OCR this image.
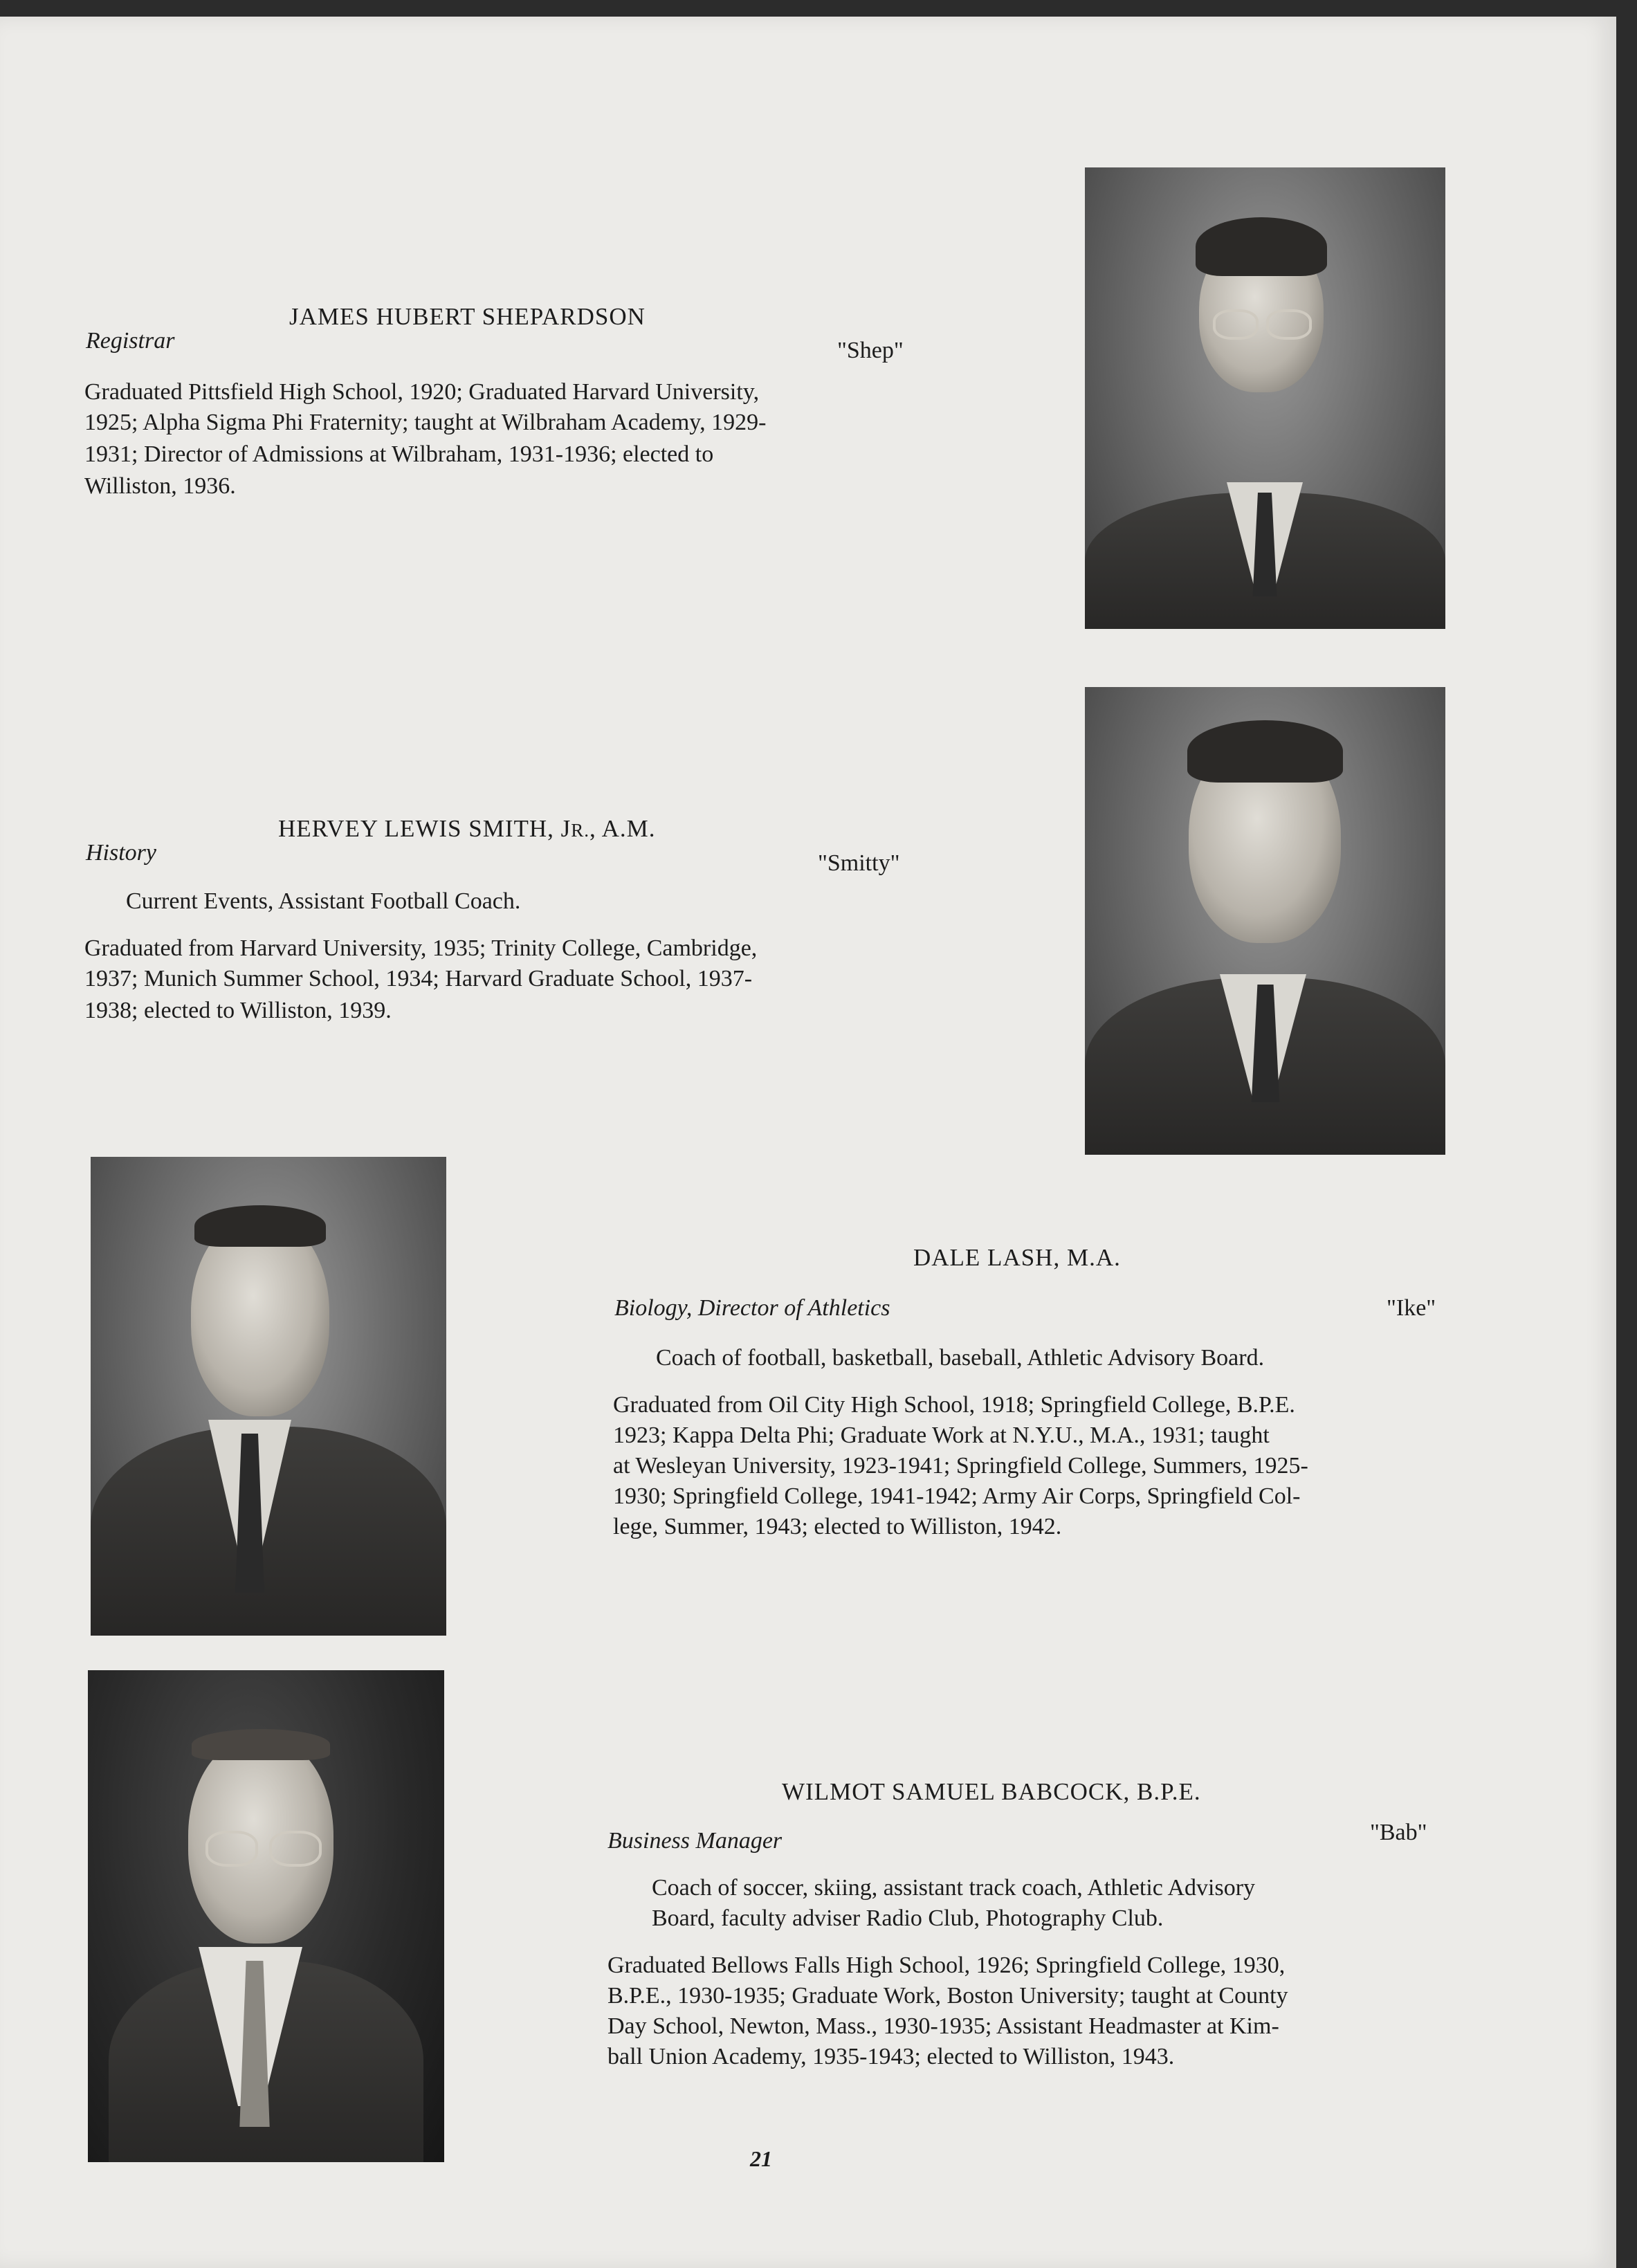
JAMES HUBERT SHEPARDSON
Registrar	"Shep"
Graduated Pittsfield High School, 1920; Graduated Harvard University,
1925; Alpha Sigma Phi Fraternity; taught at Wilbraham Academy, 1929-
1931; Director of Admissions at Wilbraham, 1931-1936; elected to
Williston, 1936.
HERVEY LEWIS SMITH, JR., A.M.
History	"Smitty"
Current Events, Assistant Football Coach.
Graduated from Harvard University, 1935; Trinity College, Cambridge,
1937; Munich Summer School, 1934; Harvard Graduate School, 1937-
1938; elected to Williston, 1939.
DALE LASH, M.A.
Biology, Director of Athletics	"Ike"
Coach of football, basketball, baseball, Athletic Advisory Board.
Graduated from Oil City High School, 1918; Springfield College, B.P.E.
1923; Kappa Delta Phi; Graduate Work at N.Y.U., M.A., 1931; taught
at Wesleyan University, 1923-1941; Springfield College, Summers, 1925-
1930; Springfield College, 1941-1942; Army Air Corps, Springfield Col-
lege, Summer, 1943; elected to Williston, 1942.
WILMOT SAMUEL BABCOCK, B.P.E.
Business Manager	"Bab"
Coach of soccer, skiing, assistant track coach, Athletic Advisory
Board, faculty adviser Radio Club, Photography Club.
Graduated Bellows Falls High School, 1926; Springfield College, 1930,
B.P.E., 1930-1935; Graduate Work, Boston University; taught at County
Day School, Newton, Mass., 1930-1935; Assistant Headmaster at Kim-
ball Union Academy, 1935-1943; elected to Williston, 1943.
21
